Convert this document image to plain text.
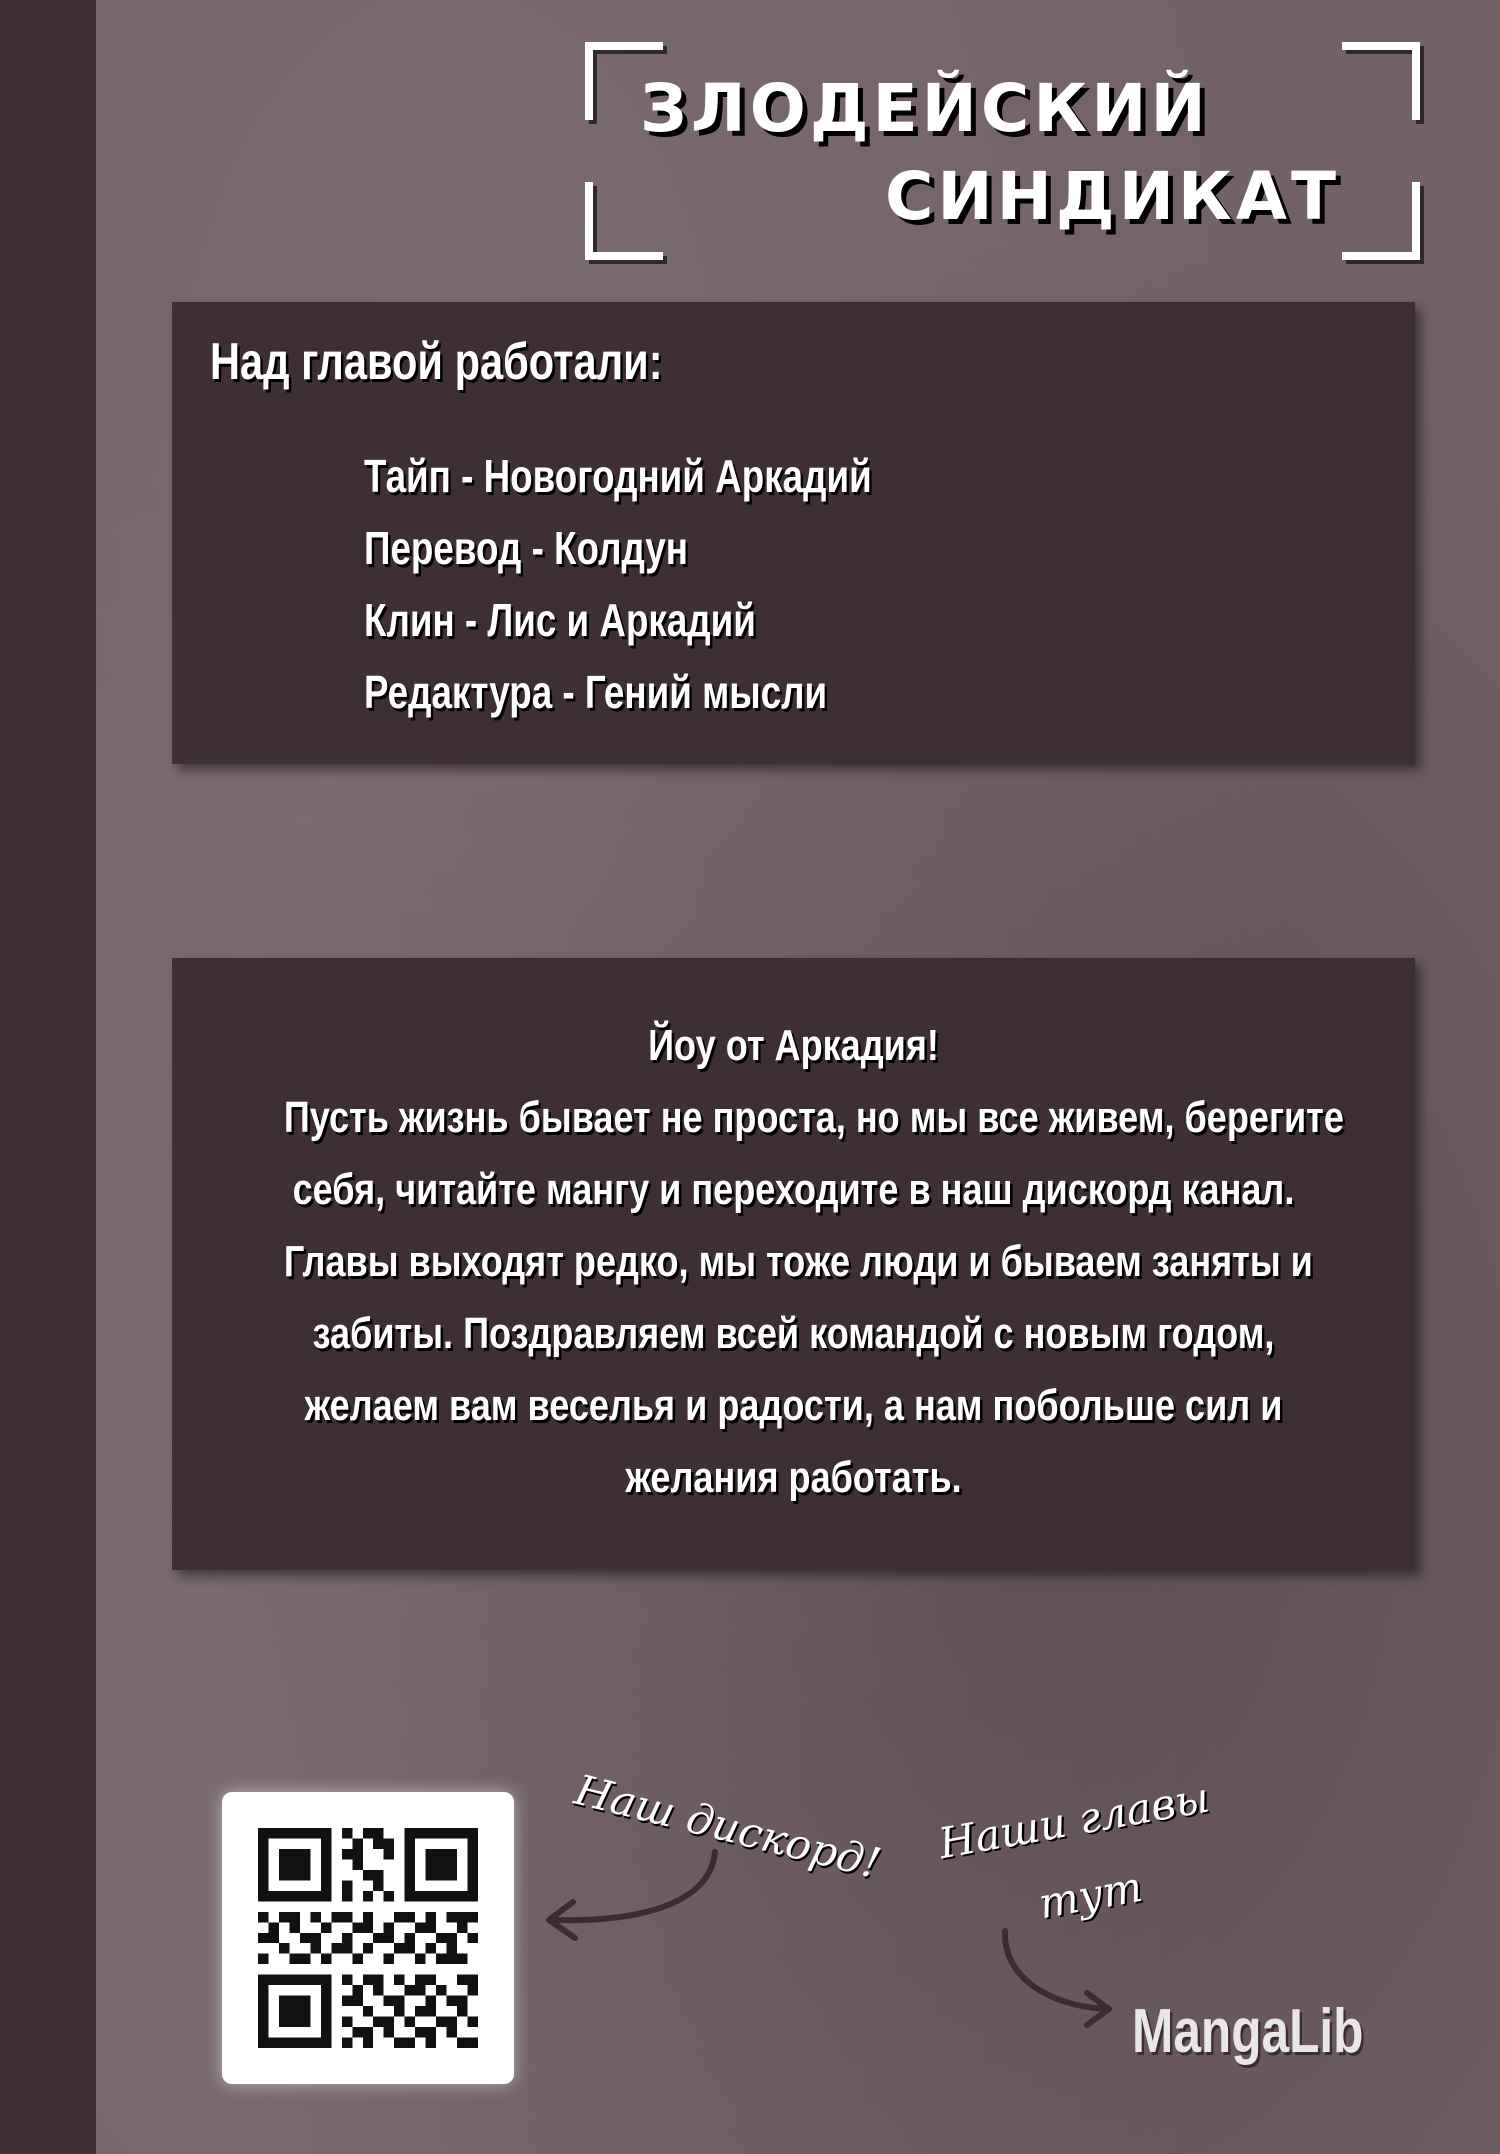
ЗЛОДЕЙСКИЙ
СИНДИКАТ
Над главой работали:
Тайп - Новогодний Аркадий
Перевод - Колдун
Клин - Лис и Аркадий
Редактура - Гений мысли
Йоу от Аркадия!
Пусть жизнь бывает не проста, но мы все живем, берегите
себя, читайте мангу и переходите в наш дискорд канал.
Главы выходят редко, мы тоже люди и бываем заняты и
забиты. Поздравляем всей командой с новым годом,
желаем вам веселья и радости, а нам побольше сил и
желания работать.
Наш дискорд! Наши главы
тут
MangaLib
